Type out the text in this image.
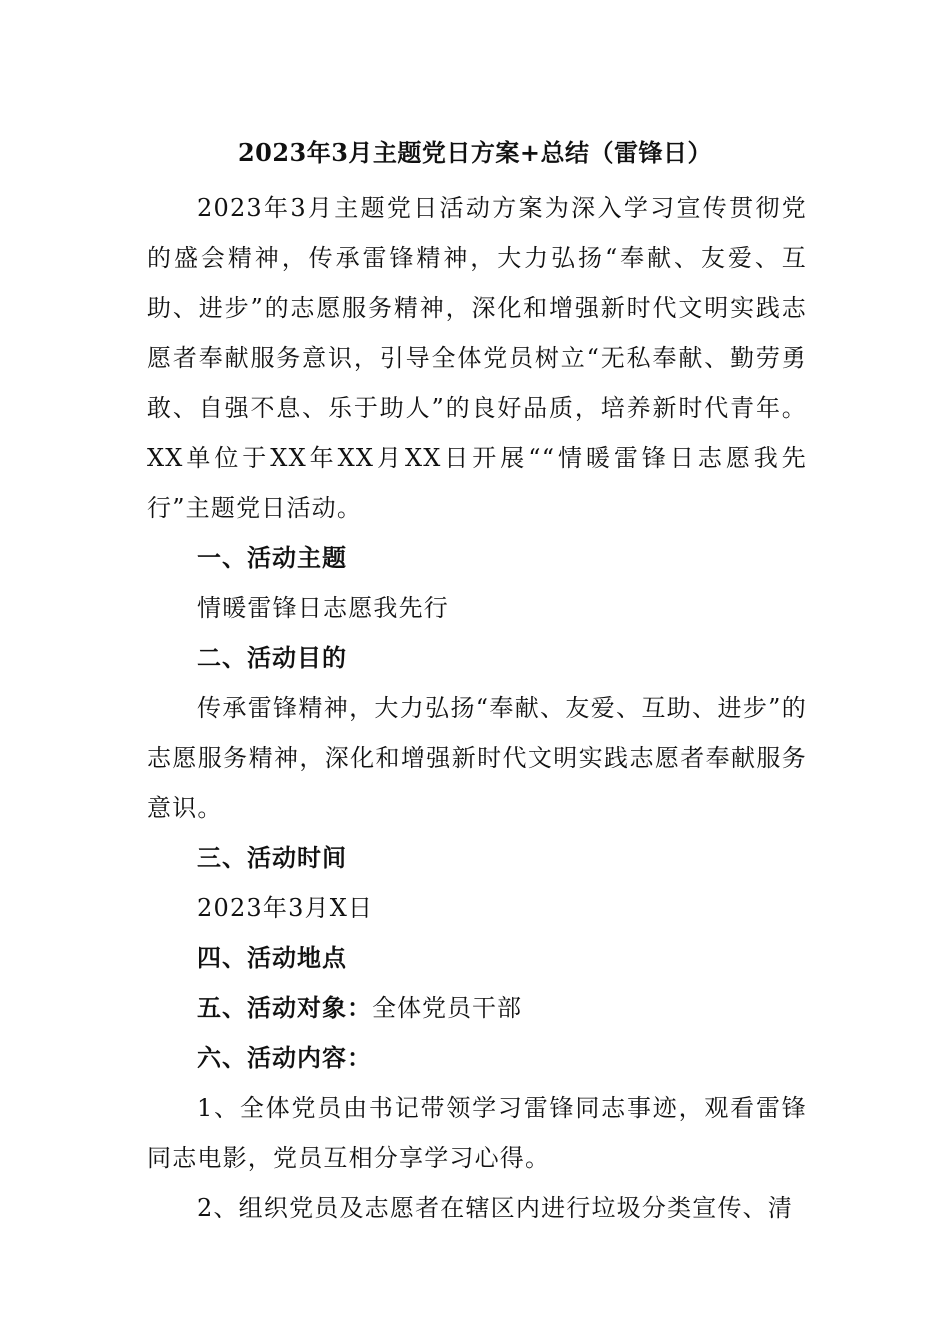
2023年3月主题党日方案+总结（雷锋日）

2023年3月主题党日活动方案为深入学习宣传贯彻党的盛会精神，传承雷锋精神，大力弘扬“奉献、友爱、互助、进步”的志愿服务精神，深化和增强新时代文明实践志愿者奉献服务意识，引导全体党员树立“无私奉献、勤劳勇敢、自强不息、乐于助人”的良好品质，培养新时代青年。XX单位于XX年XX月XX日开展““情暖雷锋日志愿我先行”主题党日活动。

一、活动主题

情暖雷锋日志愿我先行

二、活动目的

传承雷锋精神，大力弘扬“奉献、友爱、互助、进步”的志愿服务精神，深化和增强新时代文明实践志愿者奉献服务意识。

三、活动时间

2023年3月X日

四、活动地点

五、活动对象：全体党员干部

六、活动内容：

1、全体党员由书记带领学习雷锋同志事迹，观看雷锋同志电影，党员互相分享学习心得。

2、组织党员及志愿者在辖区内进行垃圾分类宣传、清
